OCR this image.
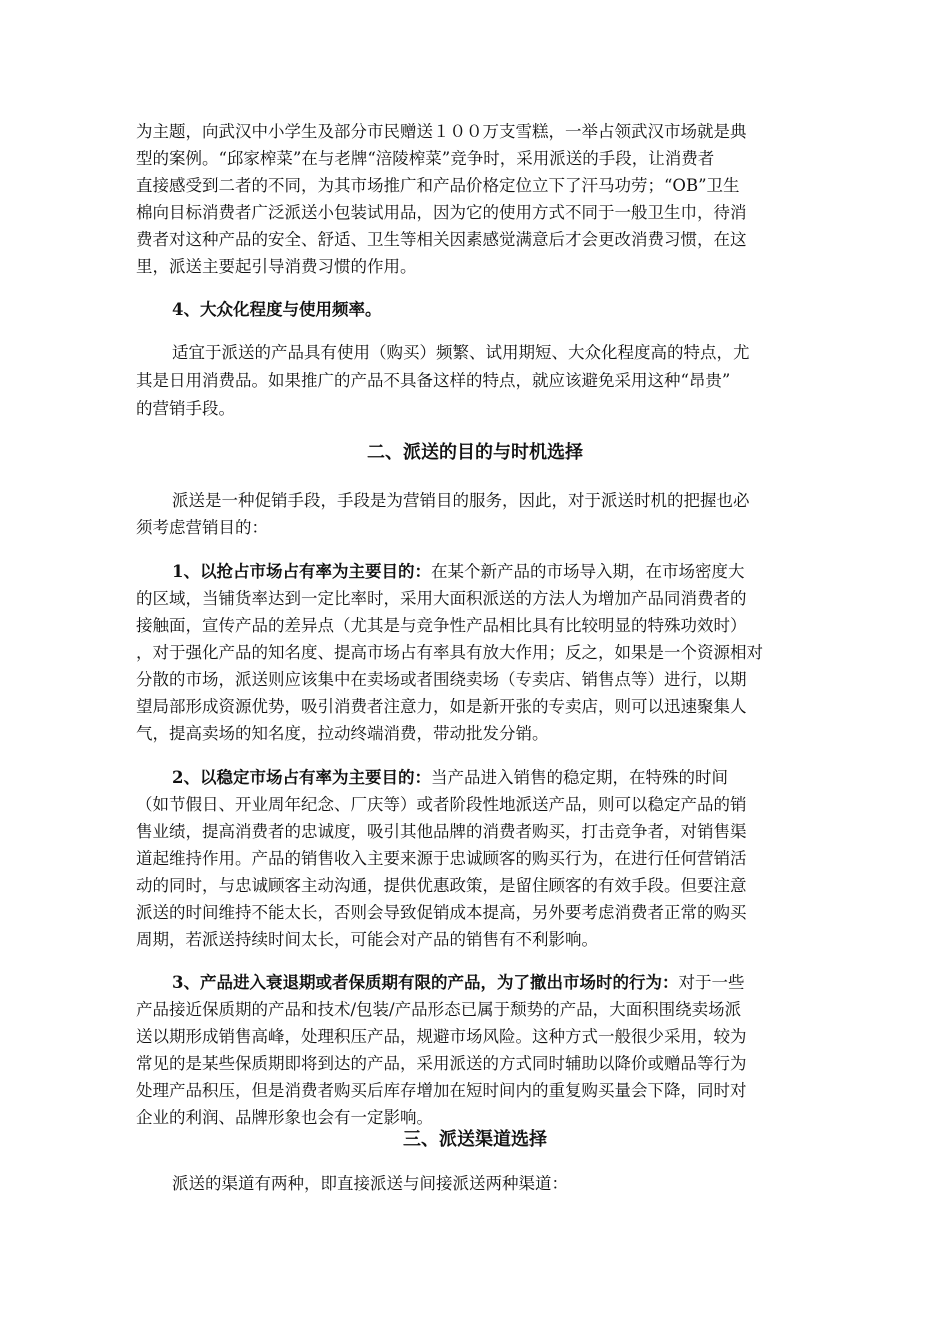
为主题，向武汉中小学生及部分市民赠送１００万支雪糕，一举占领武汉市场就是典
型的案例。“邱家榨菜”在与老牌“涪陵榨菜”竞争时，采用派送的手段，让消费者
直接感受到二者的不同，为其市场推广和产品价格定位立下了汗马功劳；“OB”卫生
棉向目标消费者广泛派送小包装试用品，因为它的使用方式不同于一般卫生巾，待消
费者对这种产品的安全、舒适、卫生等相关因素感觉满意后才会更改消费习惯，在这
里，派送主要起引导消费习惯的作用。
4、大众化程度与使用频率。
适宜于派送的产品具有使用（购买）频繁、试用期短、大众化程度高的特点，尤
其是日用消费品。如果推广的产品不具备这样的特点，就应该避免采用这种“昂贵”
的营销手段。
二、派送的目的与时机选择
派送是一种促销手段，手段是为营销目的服务，因此，对于派送时机的把握也必
须考虑营销目的：
1、以抢占市场占有率为主要目的：在某个新产品的市场导入期，在市场密度大
的区域，当铺货率达到一定比率时，采用大面积派送的方法人为增加产品同消费者的
接触面，宣传产品的差异点（尤其是与竞争性产品相比具有比较明显的特殊功效时）
，对于强化产品的知名度、提高市场占有率具有放大作用；反之，如果是一个资源相对
分散的市场，派送则应该集中在卖场或者围绕卖场（专卖店、销售点等）进行，以期
望局部形成资源优势，吸引消费者注意力，如是新开张的专卖店，则可以迅速聚集人
气，提高卖场的知名度，拉动终端消费，带动批发分销。
2、以稳定市场占有率为主要目的：当产品进入销售的稳定期，在特殊的时间
（如节假日、开业周年纪念、厂庆等）或者阶段性地派送产品，则可以稳定产品的销
售业绩，提高消费者的忠诚度，吸引其他品牌的消费者购买，打击竞争者，对销售渠
道起维持作用。产品的销售收入主要来源于忠诚顾客的购买行为，在进行任何营销活
动的同时，与忠诚顾客主动沟通，提供优惠政策，是留住顾客的有效手段。但要注意
派送的时间维持不能太长，否则会导致促销成本提高，另外要考虑消费者正常的购买
周期，若派送持续时间太长，可能会对产品的销售有不利影响。
3、产品进入衰退期或者保质期有限的产品，为了撤出市场时的行为：对于一些
产品接近保质期的产品和技术/包装/产品形态已属于颓势的产品，大面积围绕卖场派
送以期形成销售高峰，处理积压产品，规避市场风险。这种方式一般很少采用，较为
常见的是某些保质期即将到达的产品，采用派送的方式同时辅助以降价或赠品等行为
处理产品积压，但是消费者购买后库存增加在短时间内的重复购买量会下降，同时对
企业的利润、品牌形象也会有一定影响。
三、派送渠道选择
派送的渠道有两种，即直接派送与间接派送两种渠道：
